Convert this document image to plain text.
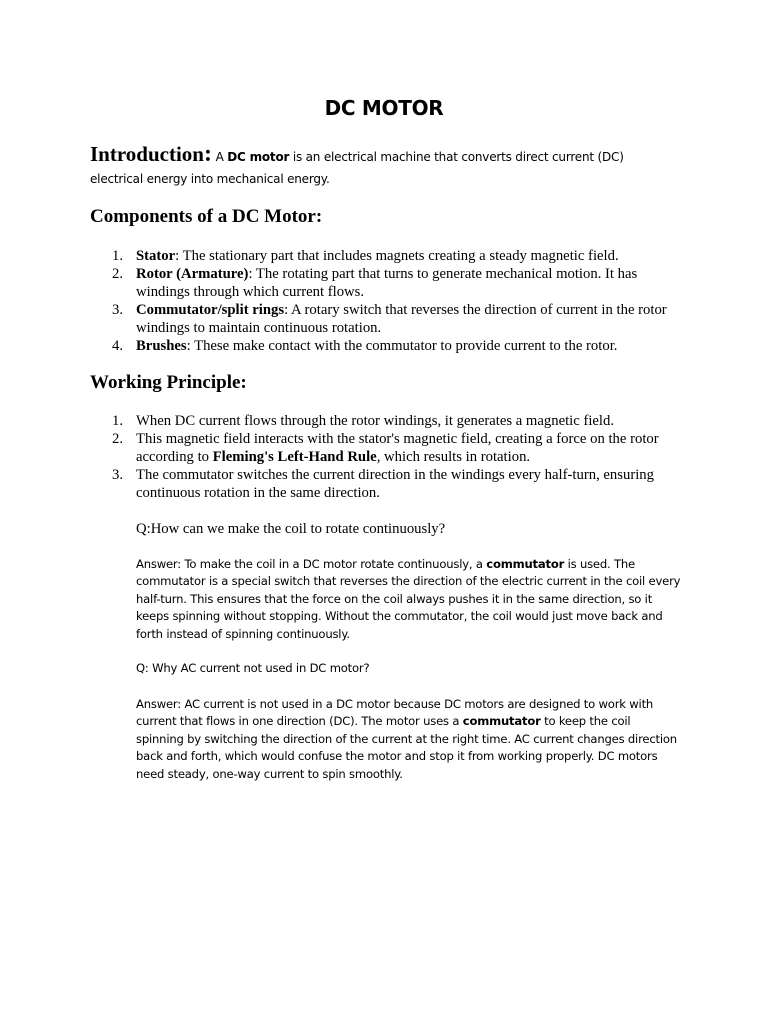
DC MOTOR

Introduction: A DC motor is an electrical machine that converts direct current (DC) electrical energy into mechanical energy.

Components of a DC Motor:
Stator: The stationary part that includes magnets creating a steady magnetic field.
Rotor (Armature): The rotating part that turns to generate mechanical motion. It has windings through which current flows.
Commutator/split rings: A rotary switch that reverses the direction of current in the rotor windings to maintain continuous rotation.
Brushes: These make contact with the commutator to provide current to the rotor.
Working Principle:
When DC current flows through the rotor windings, it generates a magnetic field.
This magnetic field interacts with the stator's magnetic field, creating a force on the rotor according to Fleming's Left-Hand Rule, which results in rotation.
The commutator switches the current direction in the windings every half-turn, ensuring continuous rotation in the same direction.
Q:How can we make the coil to rotate continuously?
Answer: To make the coil in a DC motor rotate continuously, a commutator is used. The commutator is a special switch that reverses the direction of the electric current in the coil every half-turn. This ensures that the force on the coil always pushes it in the same direction, so it keeps spinning without stopping. Without the commutator, the coil would just move back and forth instead of spinning continuously.
Q: Why AC current not used in DC motor?
Answer: AC current is not used in a DC motor because DC motors are designed to work with current that flows in one direction (DC). The motor uses a commutator to keep the coil spinning by switching the direction of the current at the right time. AC current changes direction back and forth, which would confuse the motor and stop it from working properly. DC motors need steady, one-way current to spin smoothly.
